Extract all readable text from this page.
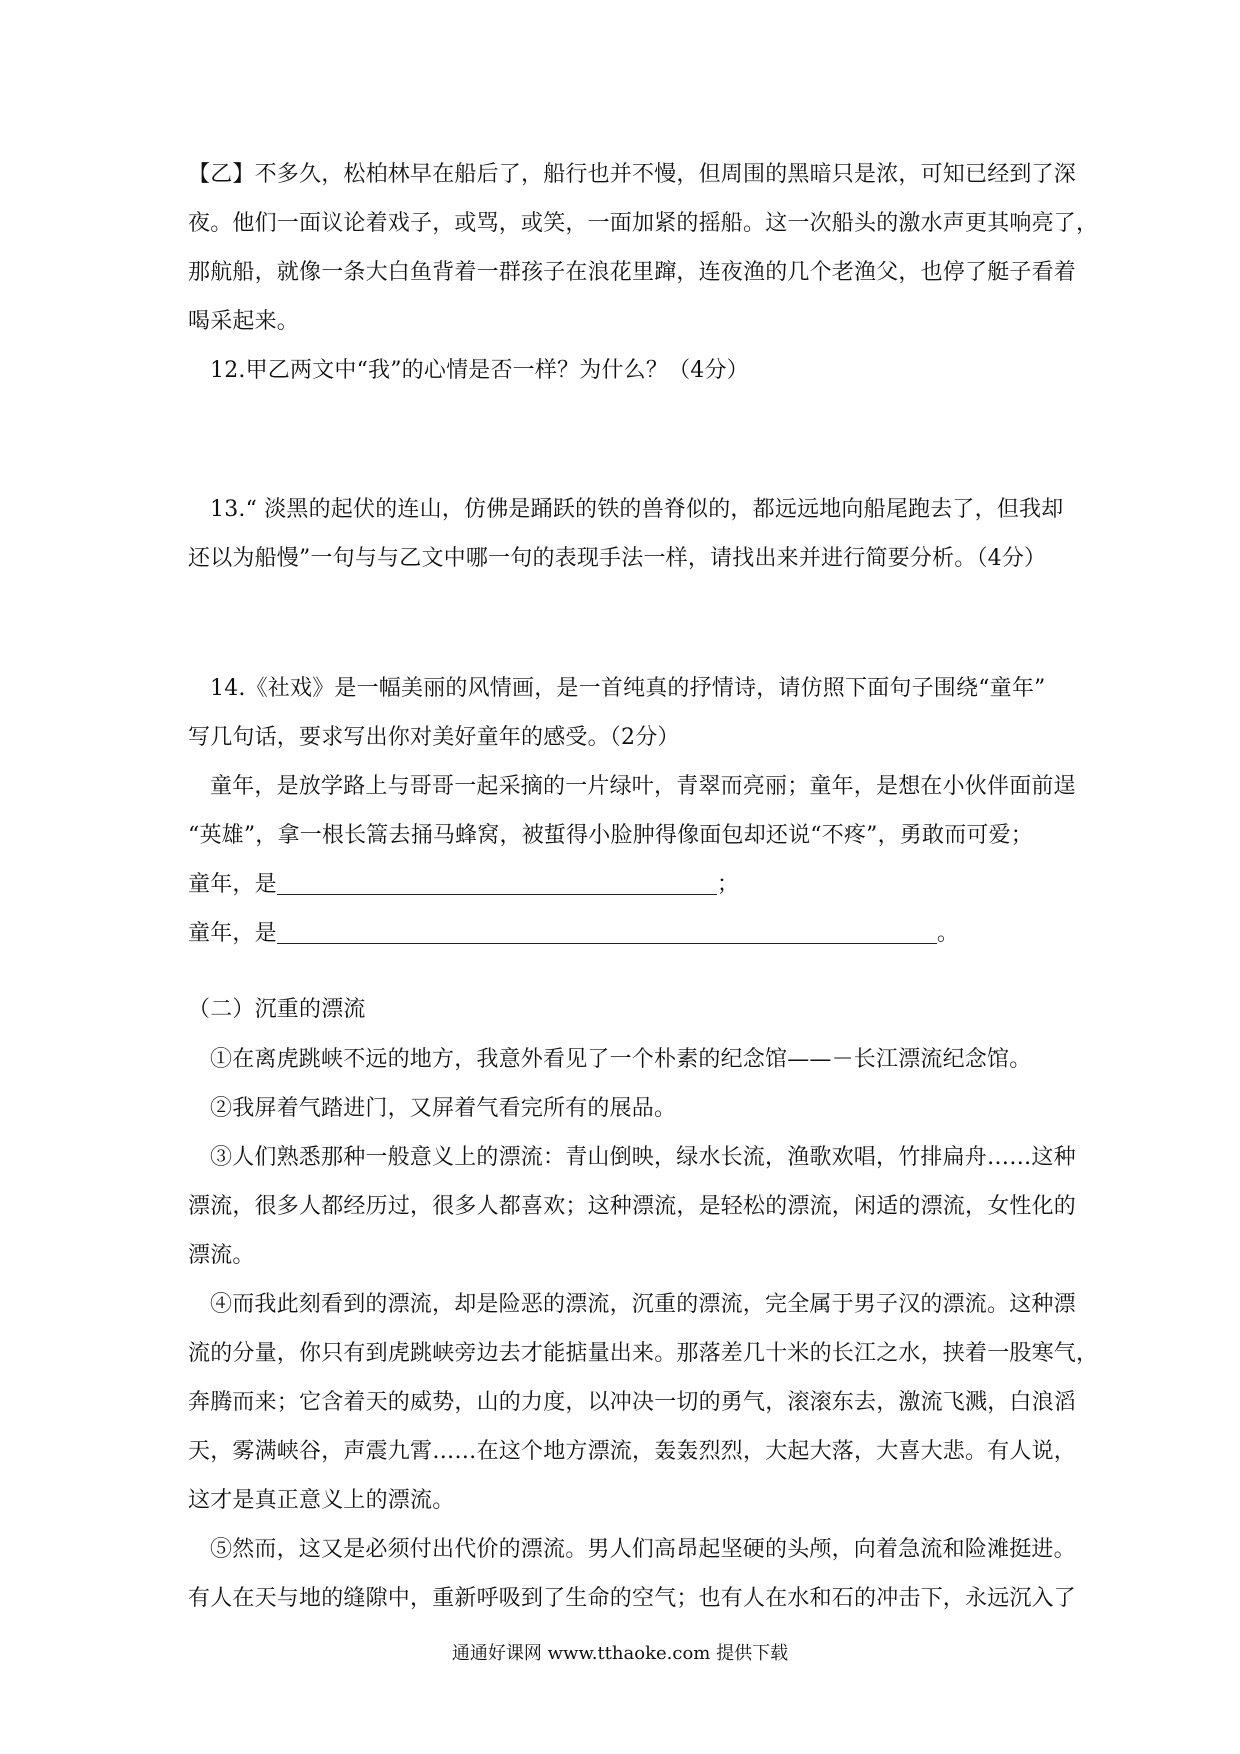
【乙】不多久，松柏林早在船后了，船行也并不慢，但周围的黑暗只是浓，可知已经到了深
夜。他们一面议论着戏子，或骂，或笑，一面加紧的摇船。这一次船头的激水声更其响亮了，
那航船，就像一条大白鱼背着一群孩子在浪花里蹿，连夜渔的几个老渔父，也停了艇子看着
喝采起来。
12.甲乙两文中“我”的心情是否一样？为什么？（4分）
13.“ 淡黑的起伏的连山，仿佛是踊跃的铁的兽脊似的，都远远地向船尾跑去了，但我却
还以为船慢”一句与与乙文中哪一句的表现手法一样，请找出来并进行简要分析。（4分）
14.《社戏》是一幅美丽的风情画，是一首纯真的抒情诗，请仿照下面句子围绕“童年”
写几句话，要求写出你对美好童年的感受。（2分）
童年，是放学路上与哥哥一起采摘的一片绿叶，青翠而亮丽；童年，是想在小伙伴面前逞
“英雄”，拿一根长篙去捅马蜂窝，被蜇得小脸肿得像面包却还说“不疼”，勇敢而可爱；
童年，是	；
童年，是	。
（二）沉重的漂流
①在离虎跳峡不远的地方，我意外看见了一个朴素的纪念馆——－长江漂流纪念馆。
②我屏着气踏进门，又屏着气看完所有的展品。
③人们熟悉那种一般意义上的漂流：青山倒映，绿水长流，渔歌欢唱，竹排扁舟……这种
漂流，很多人都经历过，很多人都喜欢；这种漂流，是轻松的漂流，闲适的漂流，女性化的
漂流。
④而我此刻看到的漂流，却是险恶的漂流，沉重的漂流，完全属于男子汉的漂流。这种漂
流的分量，你只有到虎跳峡旁边去才能掂量出来。那落差几十米的长江之水，挟着一股寒气，
奔腾而来；它含着天的威势，山的力度，以冲决一切的勇气，滚滚东去，激流飞溅，白浪滔
天，雾满峡谷，声震九霄……在这个地方漂流，轰轰烈烈，大起大落，大喜大悲。有人说，
这才是真正意义上的漂流。
⑤然而，这又是必须付出代价的漂流。男人们高昂起坚硬的头颅，向着急流和险滩挺进。
有人在天与地的缝隙中，重新呼吸到了生命的空气；也有人在水和石的冲击下，永远沉入了
通通好课网 www.tthaoke.com 提供下载
